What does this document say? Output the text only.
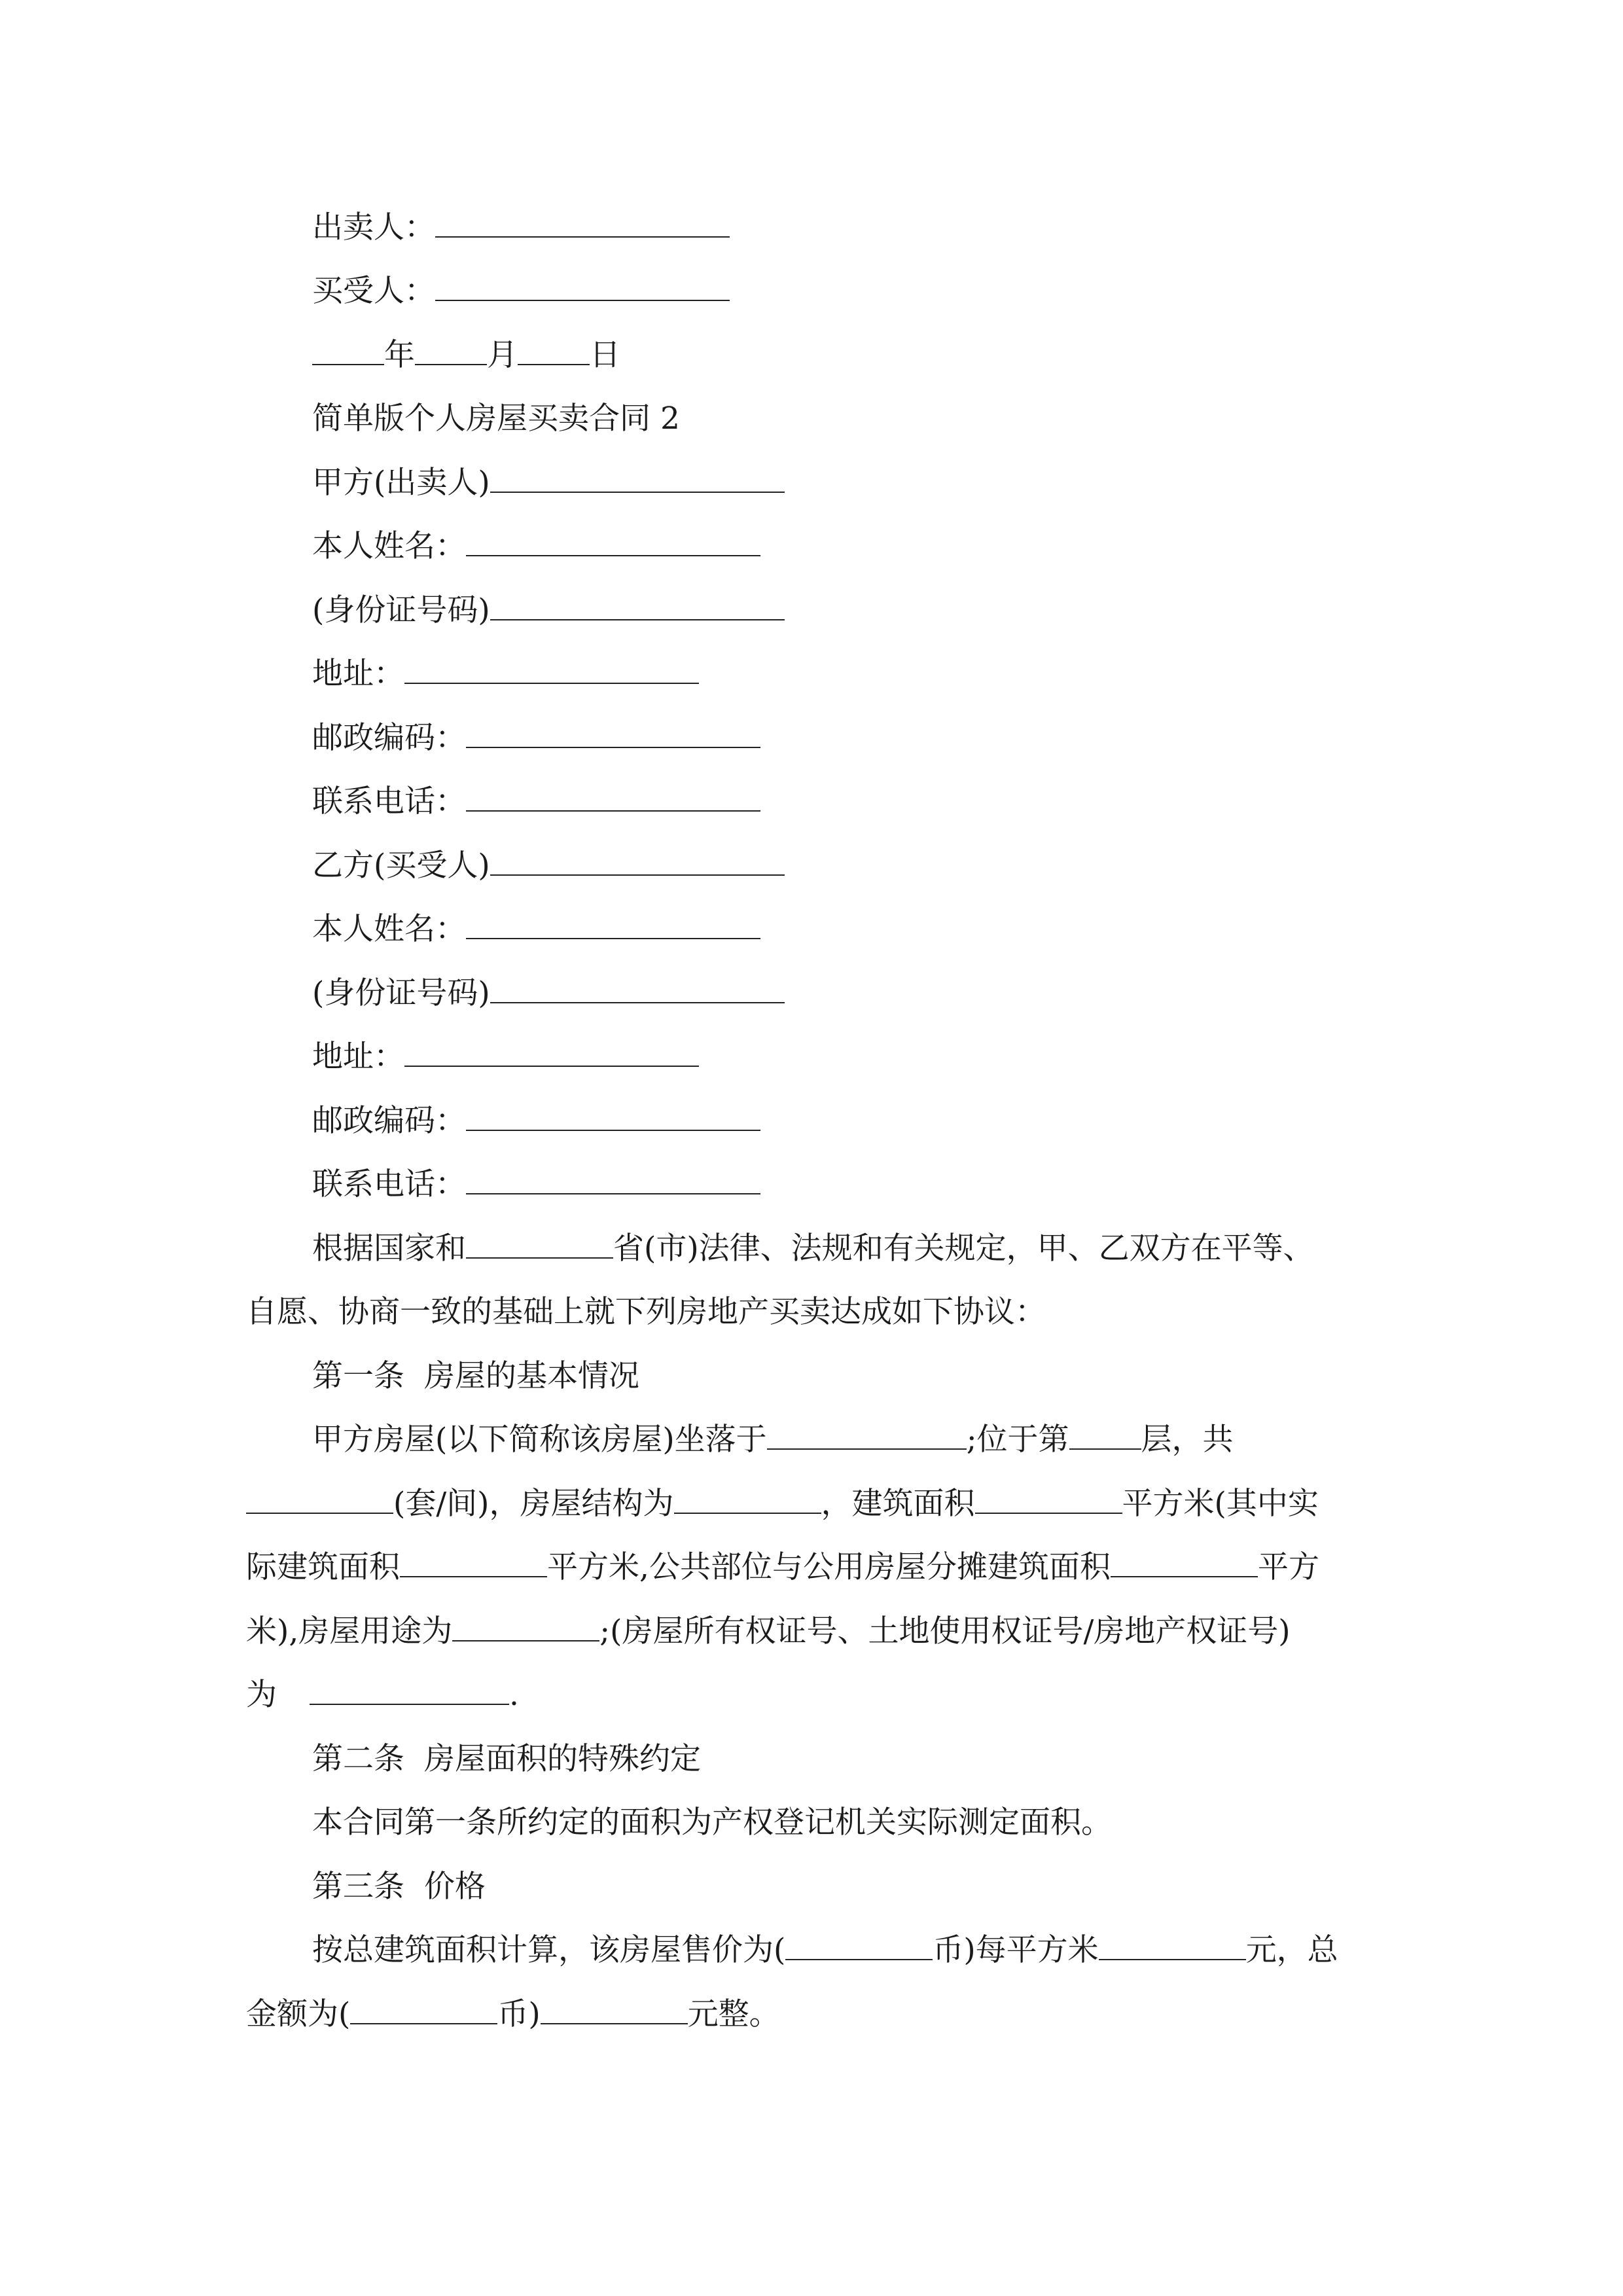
出卖人：
买受人：
年 月 日
简单版个人房屋买卖合同 2
甲方(出卖人)
本人姓名：
(身份证号码)
地址：
邮政编码：
联系电话：
乙方(买受人)
本人姓名：
(身份证号码)
地址：
邮政编码：
联系电话：
根据国家和	省(市)法律、法规和有关规定，甲、乙双方在平等、
自愿、协商一致的基础上就下列房地产买卖达成如下协议：
第一条 房屋的基本情况
甲方房屋(以下简称该房屋)坐落于	;位于第 层，共
(套/间)，房屋结构为	，建筑面积	平方米(其中实
际建筑面积	平方米,公共部位与公用房屋分摊建筑面积	平方
米),房屋用途为	;(房屋所有权证号、土地使用权证号/房地产权证号)
为	.
第二条 房屋面积的特殊约定
本合同第一条所约定的面积为产权登记机关实际测定面积。
第三条 价格
按总建筑面积计算，该房屋售价为(	币)每平方米	元，总
金额为(	币)	元整。
